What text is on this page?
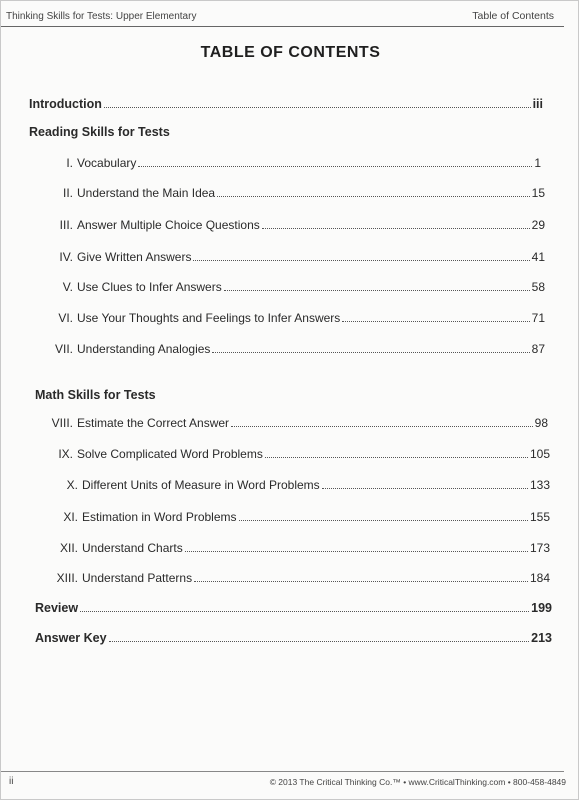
Thinking Skills for Tests: Upper Elementary	Table of Contents
TABLE OF CONTENTS
Introduction	iii
Reading Skills for Tests
I. Vocabulary	1
II. Understand the Main Idea	15
III. Answer Multiple Choice Questions	29
IV. Give Written Answers	41
V. Use Clues to Infer Answers	58
VI. Use Your Thoughts and Feelings to Infer Answers	71
VII. Understanding Analogies	87
Math Skills for Tests
VIII. Estimate the Correct Answer	98
IX. Solve Complicated Word Problems	105
X. Different Units of Measure in Word Problems	133
XI. Estimation in Word Problems	155
XII. Understand Charts	173
XIII. Understand Patterns	184
Review	199
Answer Key	213
ii	© 2013 The Critical Thinking Co.™ • www.CriticalThinking.com • 800-458-4849
